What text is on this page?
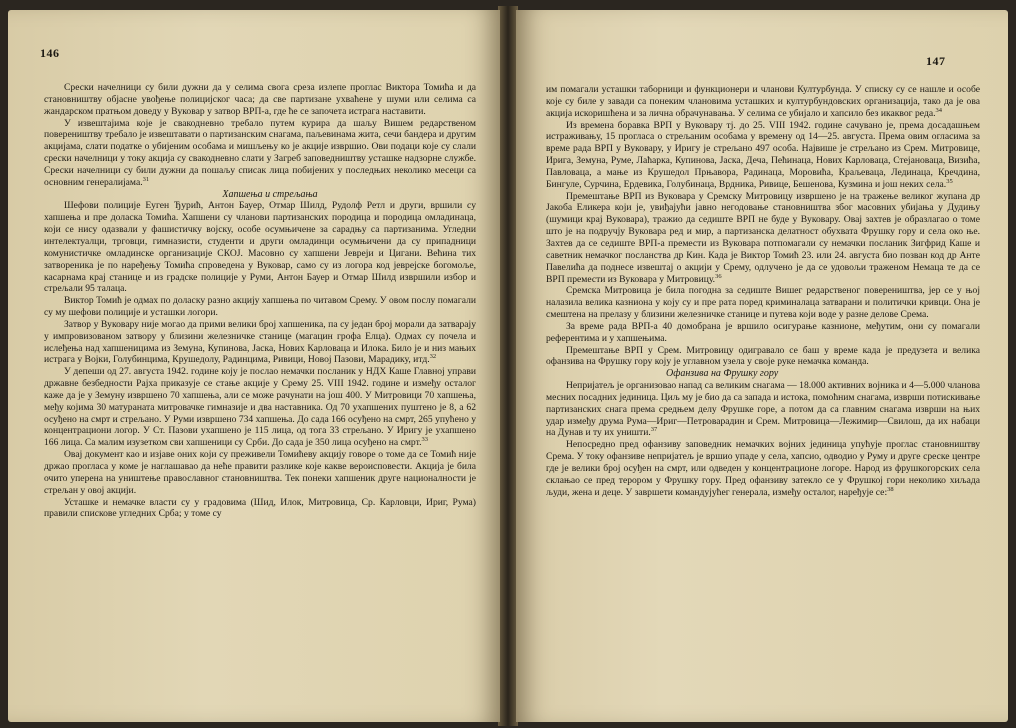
146

Срески начелници су били дужни да у селима свога среза излепе проглас Виктора Томића и да становништву објасне увођење полицијског часа; да све партизане ухваћене у шуми или селима са жандарском пратњом доведу у Вуковар у затвор ВРП-а, где ће се започета истрага наставити.

У извештајима које је свакодневно требало путем курира да шаљу Вишем редарственом повереништву требало је извештавати о партизанским снагама, паљевинама жита, сечи бандера и другим акцијама, слати податке о убијеним особама и мишљењу ко је акције извршио. Ови подаци које су слали срески начелници у току акција су свакодневно слати у Загреб заповедништву усташке надзорне службе. Срески начелници су били дужни да пошаљу списак лица побијених у последњих неколико месеци са основним генералијама.$^{31}$

Хапшења и стрељања

Шефови полиције Еуген Ђурић, Антон Бауер, Отмар Шилд, Рудолф Ретл и други, вршили су хапшења и пре доласка Томића. Хапшени су чланови партизанских породица и породица омладинаца, који се нису одазвали у фашистичку војску, особе осумњичене за сарадњу са партизанима. Угледни интелектуалци, трговци, гимназисти, студенти и други омладинци осумњичени да су припадници комунистичке омладинске организације СКОЈ. Масовно су хапшени Јевреји и Цигани. Већина тих затвореника је по наређењу Томића спроведена у Вуковар, само су из логора код јеврејске богомоље, касарнама крај станице и из градске полиције у Руми, Антон Бауер и Отмар Шилд извршили избор и стрељали 95 талаца.

Виктор Томић је одмах по доласку разно акцију хапшења по читавом Срему. У овом послу помагали су му шефови полиције и усташки логори.

Затвор у Вуковару није могао да прими велики број хапшеника, па су један број морали да затварају у импровизованом затвору у близини железничке станице (магацин грофа Елца). Одмах су почела и ислеђења над хапшеницима из Земуна, Купинова, Јаска, Нових Карловаца и Илока. Било је и низ мањих истрага у Војки, Голубинцима, Крушедолу, Радинцима, Ривици, Новој Пазови, Марадику, итд.$^{32}$

У депеши од 27. августа 1942. године коју је послао немачки посланик у НДХ Каше Главној управи државне безбедности Рајха приказује се стање акције у Срему 25. VIII 1942. године и између осталог каже да је у Земуну извршено 70 хапшења, али се може рачунати на још 400. У Митровици 70 хапшења, међу којима 30 матураната митровачке гимназије и два наставника. Од 70 ухапшених пуштено је 8, а 62 осуђено на смрт и стрељано. У Руми извршено 734 хапшења. До сада 166 осуђено на смрт, 265 упућено у концентрациони логор. У Ст. Пазови ухапшено је 115 лица, од тога 33 стрељано. У Иригу је ухапшено 166 лица. Са малим изузетком сви хапшеници су Срби. До сада је 350 лица осуђено на смрт.$^{33}$

Овај документ као и изјаве оних који су преживели Томићеву акцију говоре о томе да се Томић није држао прогласа у коме је наглашавао да неће правити разлике које каквe вероисповести. Акција је била очито уперена на уништење православног становништва. Тек понеки хапшеник друге националности је стрељан у овој акцији.

Усташке и немачке власти су у градовима (Шид, Илок, Митровица, Ср. Карловци, Ириг, Рума) правили спискове угледних Срба; у томе су

147

им помагали усташки таборници и функционери и чланови Културбунда. У списку су се нашле и особе које су биле у завади са понеким чланoвима усташких и културбундовских организација, тако да је ова акција искоришћена и за лична обрачунавања. У селима се убијало и хапсило без икаквог реда.$^{34}$

Из времена боравка ВРП у Вуковару тј. до 25. VIII 1942. године сачувано је, према досадашњем истраживању, 15 прoглaса о стрељаним особама у времену од 14—25. августа. Према овим огласима за време рада ВРП у Вуковару, у Иригу је стрељано 497 особа. Највише је стрељано из Срем. Митровице, Ирига, Земуна, Руме, Лаћарка, Купинова, Јаска, Деча, Пећинаца, Нових Карловаца, Стејановаца, Визића, Павловаца, а мање из Крушедол Прњавора, Радинаца, Моровића, Краљеваца, Лединаца, Кречдина, Бингуле, Сурчина, Ердевика, Голубинаца, Врдника, Ривице, Бешенова, Кузмина и још неких села.$^{35}$

Премештање ВРП из Вуковара у Сремску Митровицу извршено је на тражење великог жупана др Јакоба Еликера који је, увиђајући јавно негодовање становништва због масовних убијања у Дудињу (шумици крај Вуковара), тражио да седиште ВРП не буде у Вуковару. Овај захтев је образлагао о томе што је на подручју Вуковара ред и мир, а партизанска делатност обухвата Фрушку гору и села око ње. Захтев да се седиште ВРП-а премести из Вуковара потпомагали су немачки посланик Зигфрид Каше и саветник немачког посланства др Кин. Када је Виктор Томић 23. или 24. августа био позван код др Анте Павелића да поднесе извештај о акцији у Срему, одлучено је да се удовољи траженом Немаца те да се ВРП премести из Вуковара у Митровицу.$^{36}$

Сремска Митровица је била погодна за седиште Вишег редарственог повереништва, јер се у њој налазила велика казниона у коју су и пре рата поред криминалаца затварани и политички кривци. Она је смештена на прелазу у близини железничке станице и путева који воде у разне делове Срема.

За време рада ВРП-а 40 домобрана је вршило осигурање казнионе, међутим, они су помагали референтима и у хапшењима.

Премештање ВРП у Срем. Митровицу одигравало се баш у време када је предузета и велика офанзива на Фрушку гору коју је углавном узела у своје руке немачка команда.

Офанзива на Фрушку гору

Непријатељ је организовао напад са великим снагама — 18.000 активних војника и 4—5.000 чланова месних посадних јединица. Циљ му је био да са запада и истока, помоћним снагама, изврши потискивање партизанских снага према средњем делу Фрушке горе, а потом да са главним снагама изврши на њих удар између друма Рума—Ириг—Петроварадин и Срем. Митровица—Лежимир—Свилош, да их набаци на Дунав и ту их уништи.$^{37}$

Непосредно пред офанзиву заповедник немачких војних јединица упућује проглас становништву Срема. У току офанзиве непријатељ је вршио упаде у села, хапсио, одводио у Руму и друге среске центре где је велики број осуђен на смрт, или одведен у концентрационе логоре. Народ из фрушкогорских села склањао се пред терором у Фрушку гору. Пред офанзиву затекло се у Фрушкој гори неколико хиљада људи, жена и деце. У зaвршeти командујућег генерала, између осталог, наређује се:$^{38}$
